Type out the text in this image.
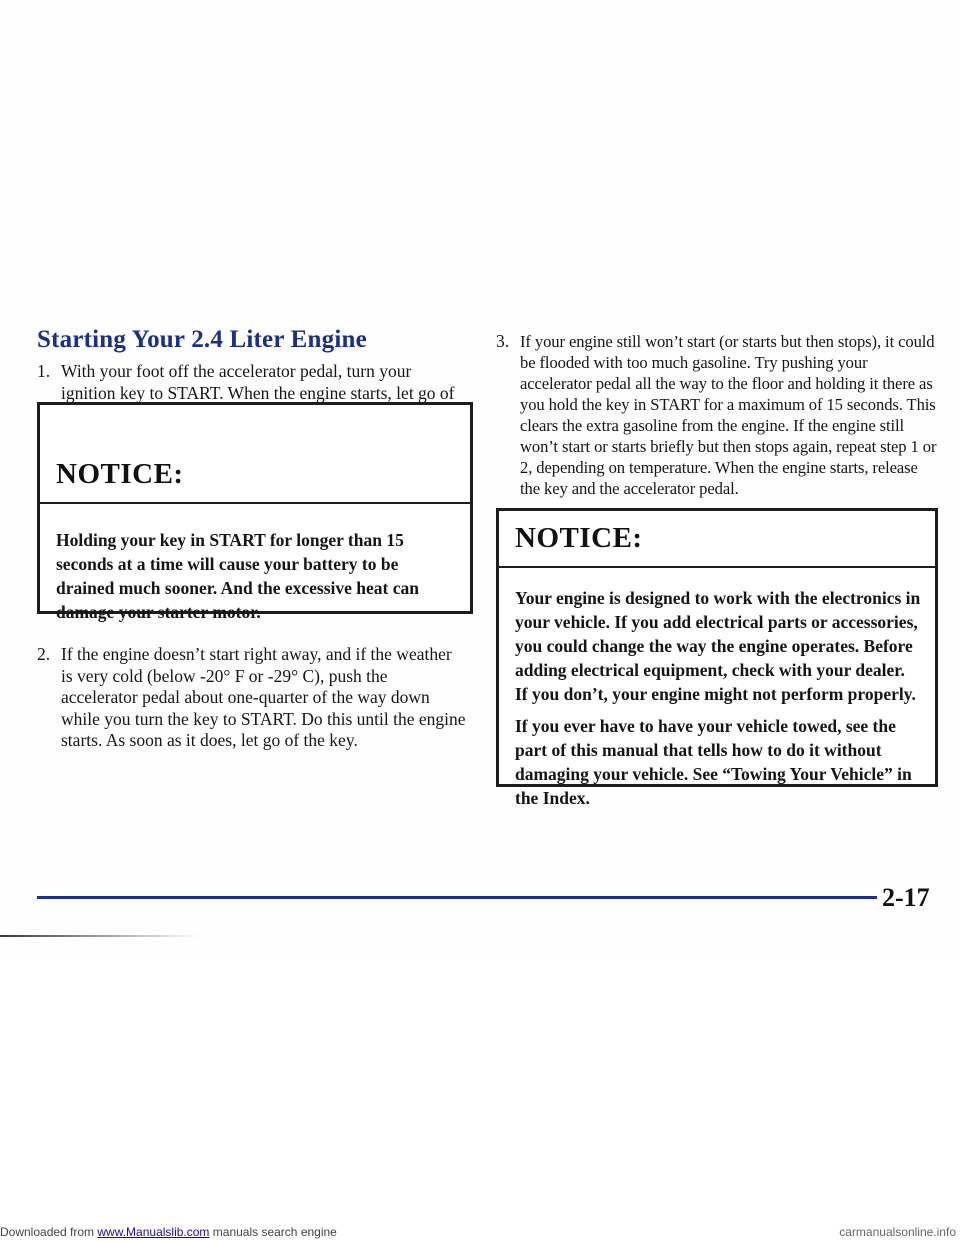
Starting Your 2.4 Liter Engine
1. With your foot off the accelerator pedal, turn your ignition key to START. When the engine starts, let go of
NOTICE:

Holding your key in START for longer than 15 seconds at a time will cause your battery to be drained much sooner. And the excessive heat can damage your starter motor.

2. If the engine doesn’t start right away, and if the weather is very cold (below -20° F or -29° C), push the accelerator pedal about one-quarter of the way down while you turn the key to START. Do this until the engine starts. As soon as it does, let go of the key.
3. If your engine still won’t start (or starts but then stops), it could be flooded with too much gasoline. Try pushing your accelerator pedal all the way to the floor and holding it there as you hold the key in START for a maximum of 15 seconds. This clears the extra gasoline from the engine. If the engine still won’t start or starts briefly but then stops again, repeat step 1 or 2, depending on temperature. When the engine starts, release the key and the accelerator pedal.
NOTICE:

Your engine is designed to work with the electronics in your vehicle. If you add electrical parts or accessories, you could change the way the engine operates. Before adding electrical equipment, check with your dealer. If you don’t, your engine might not perform properly.

If you ever have to have your vehicle towed, see the part of this manual that tells how to do it without damaging your vehicle. See “Towing Your Vehicle” in the Index.

2-17

Downloaded from www.Manualslib.com manuals search engine	carmanualsonline.info
